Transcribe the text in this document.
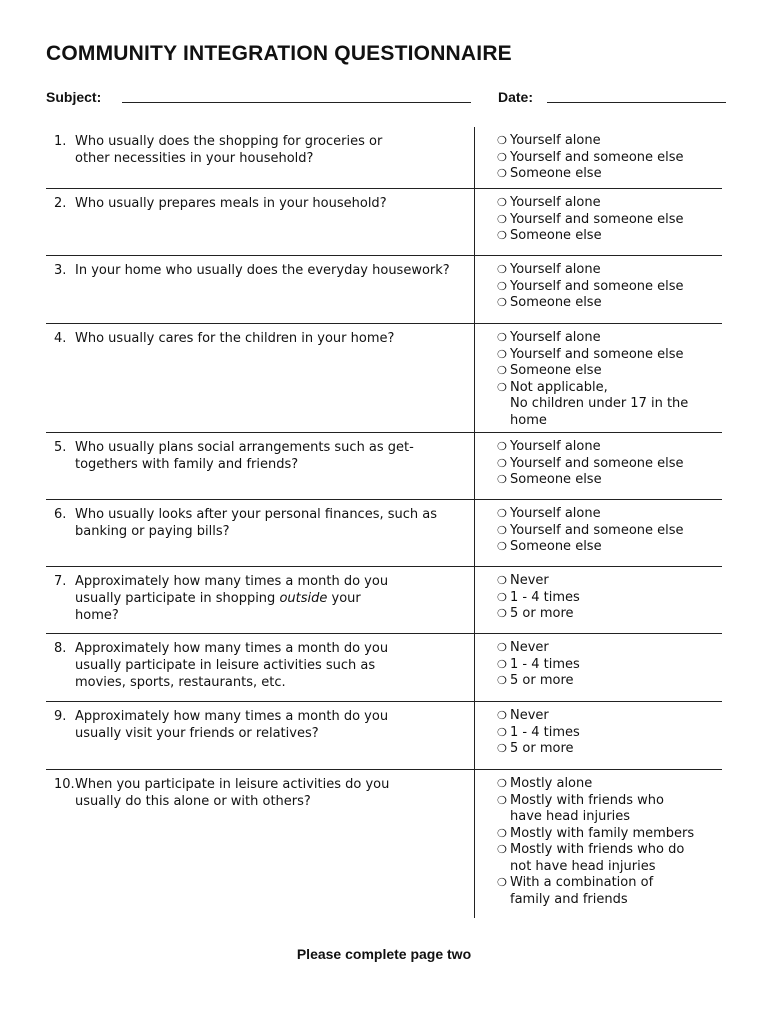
COMMUNITY INTEGRATION QUESTIONNAIRE
Subject:	Date:
1. Who usually does the shopping for groceries or
other necessities in your household?
❍ Yourself alone
❍ Yourself and someone else
❍ Someone else
2. Who usually prepares meals in your household?	❍ Yourself alone
❍ Yourself and someone else
❍ Someone else
3. In your home who usually does the everyday housework?	❍ Yourself alone
❍ Yourself and someone else
❍ Someone else
4. Who usually cares for the children in your home?	❍ Yourself alone
❍ Yourself and someone else
❍ Someone else
❍ Not applicable,
No children under 17 in the
home
5. Who usually plans social arrangements such as get-
togethers with family and friends?
❍ Yourself alone
❍ Yourself and someone else
❍ Someone else
6. Who usually looks after your personal finances, such as
banking or paying bills?
❍ Yourself alone
❍ Yourself and someone else
❍ Someone else
7. Approximately how many times a month do you
usually participate in shopping outside your
home?
❍ Never
❍ 1 - 4 times
❍ 5 or more
8. Approximately how many times a month do you
usually participate in leisure activities such as
movies, sports, restaurants, etc.
❍ Never
❍ 1 - 4 times
❍ 5 or more
9. Approximately how many times a month do you
usually visit your friends or relatives?
❍ Never
❍ 1 - 4 times
❍ 5 or more
10.When you participate in leisure activities do you
usually do this alone or with others?
❍ Mostly alone
❍ Mostly with friends who
have head injuries
❍ Mostly with family members
❍ Mostly with friends who do
not have head injuries
❍ With a combination of
family and friends
Please complete page two
